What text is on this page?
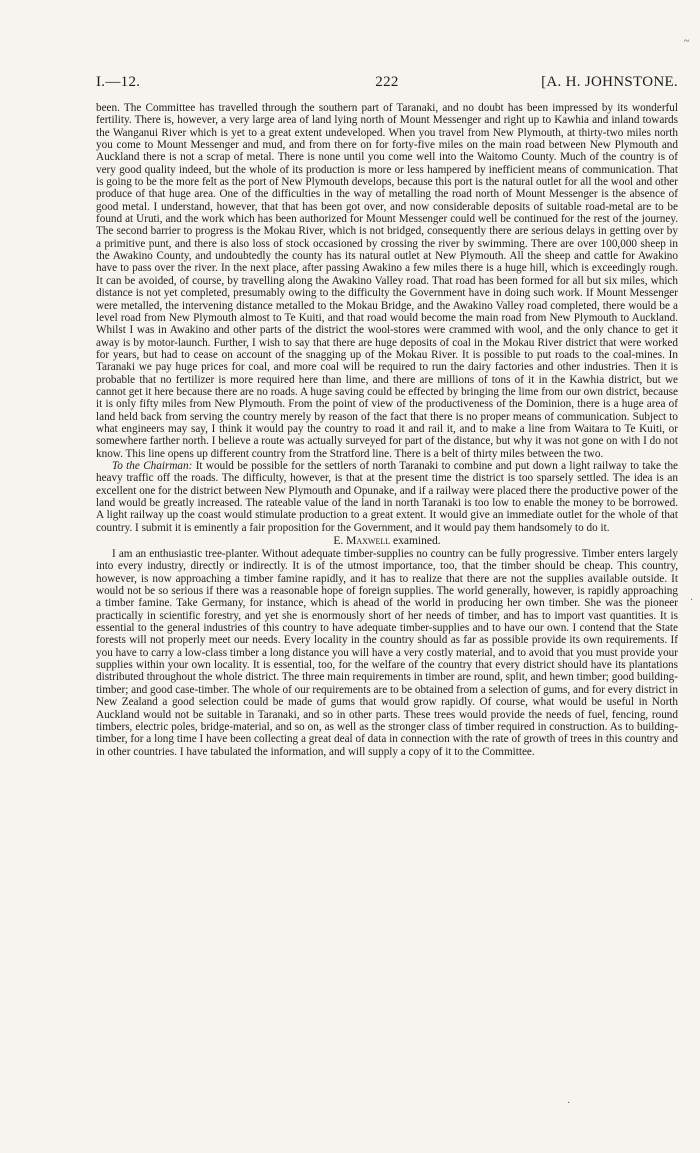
I.—12.	222	[A. H. JOHNSTONE.

been. The Committee has travelled through the southern part of Taranaki, and no doubt has been impressed by its wonderful fertility. There is, however, a very large area of land lying north of Mount Messenger and right up to Kawhia and inland towards the Wanganui River which is yet to a great extent undeveloped. When you travel from New Plymouth, at thirty-two miles north you come to Mount Messenger and mud, and from there on for forty-five miles on the main road between New Plymouth and Auckland there is not a scrap of metal. There is none until you come well into the Waitomo County. Much of the country is of very good quality indeed, but the whole of its production is more or less hampered by inefficient means of communication. That is going to be the more felt as the port of New Plymouth develops, because this port is the natural outlet for all the wool and other produce of that huge area. One of the difficulties in the way of metalling the road north of Mount Messenger is the absence of good metal. I understand, however, that that has been got over, and now considerable deposits of suitable road-metal are to be found at Uruti, and the work which has been authorized for Mount Messenger could well be continued for the rest of the journey. The second barrier to progress is the Mokau River, which is not bridged, consequently there are serious delays in getting over by a primitive punt, and there is also loss of stock occasioned by crossing the river by swimming. There are over 100,000 sheep in the Awakino County, and undoubtedly the county has its natural outlet at New Plymouth. All the sheep and cattle for Awakino have to pass over the river. In the next place, after passing Awakino a few miles there is a huge hill, which is exceedingly rough. It can be avoided, of course, by travelling along the Awakino Valley road. That road has been formed for all but six miles, which distance is not yet completed, presumably owing to the difficulty the Government have in doing such work. If Mount Messenger were metalled, the intervening distance metalled to the Mokau Bridge, and the Awakino Valley road completed, there would be a level road from New Plymouth almost to Te Kuiti, and that road would become the main road from New Plymouth to Auckland. Whilst I was in Awakino and other parts of the district the wool-stores were crammed with wool, and the only chance to get it away is by motor-launch. Further, I wish to say that there are huge deposits of coal in the Mokau River district that were worked for years, but had to cease on account of the snagging up of the Mokau River. It is possible to put roads to the coal-mines. In Taranaki we pay huge prices for coal, and more coal will be required to run the dairy factories and other industries. Then it is probable that no fertilizer is more required here than lime, and there are millions of tons of it in the Kawhia district, but we cannot get it here because there are no roads. A huge saving could be effected by bringing the lime from our own district, because it is only fifty miles from New Plymouth. From the point of view of the productiveness of the Dominion, there is a huge area of land held back from serving the country merely by reason of the fact that there is no proper means of communication. Subject to what engineers may say, I think it would pay the country to road it and rail it, and to make a line from Waitara to Te Kuiti, or somewhere farther north. I believe a route was actually surveyed for part of the distance, but why it was not gone on with I do not know. This line opens up different country from the Stratford line. There is a belt of thirty miles between the two.

To the Chairman: It would be possible for the settlers of north Taranaki to combine and put down a light railway to take the heavy traffic off the roads. The difficulty, however, is that at the present time the district is too sparsely settled. The idea is an excellent one for the district between New Plymouth and Opunake, and if a railway were placed there the productive power of the land would be greatly increased. The rateable value of the land in north Taranaki is too low to enable the money to be borrowed. A light railway up the coast would stimulate production to a great extent. It would give an immediate outlet for the whole of that country. I submit it is eminently a fair proposition for the Government, and it would pay them handsomely to do it.

E. Maxwell examined.

I am an enthusiastic tree-planter. Without adequate timber-supplies no country can be fully progressive. Timber enters largely into every industry, directly or indirectly. It is of the utmost importance, too, that the timber should be cheap. This country, however, is now approaching a timber famine rapidly, and it has to realize that there are not the supplies available outside. It would not be so serious if there was a reasonable hope of foreign supplies. The world generally, however, is rapidly approaching a timber famine. Take Germany, for instance, which is ahead of the world in producing her own timber. She was the pioneer practically in scientific forestry, and yet she is enormously short of her needs of timber, and has to import vast quantities. It is essential to the general industries of this country to have adequate timber-supplies and to have our own. I contend that the State forests will not properly meet our needs. Every locality in the country should as far as possible provide its own requirements. If you have to carry a low-class timber a long distance you will have a very costly material, and to avoid that you must provide your supplies within your own locality. It is essential, too, for the welfare of the country that every district should have its plantations distributed throughout the whole district. The three main requirements in timber are round, split, and hewn timber; good building-timber; and good case-timber. The whole of our requirements are to be obtained from a selection of gums, and for every district in New Zealand a good selection could be made of gums that would grow rapidly. Of course, what would be useful in North Auckland would not be suitable in Taranaki, and so in other parts. These trees would provide the needs of fuel, fencing, round timbers, electric poles, bridge-material, and so on, as well as the stronger class of timber required in construction. As to building-timber, for a long time I have been collecting a great deal of data in connection with the rate of growth of trees in this country and in other countries. I have tabulated the information, and will supply a copy of it to the Committee.

~
·
·
